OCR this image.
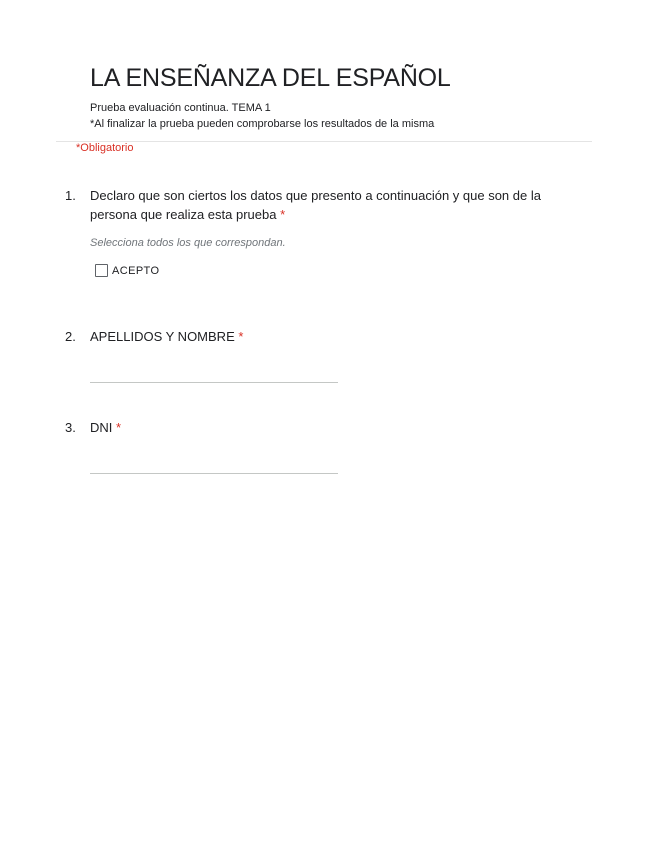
LA ENSEÑANZA DEL ESPAÑOL
Prueba evaluación continua. TEMA 1
*Al finalizar la prueba pueden comprobarse los resultados de la misma
*Obligatorio
1. Declaro que son ciertos los datos que presento a continuación y que son de la persona que realiza esta prueba *
Selecciona todos los que correspondan.
ACEPTO
2. APELLIDOS Y NOMBRE *
3. DNI *
